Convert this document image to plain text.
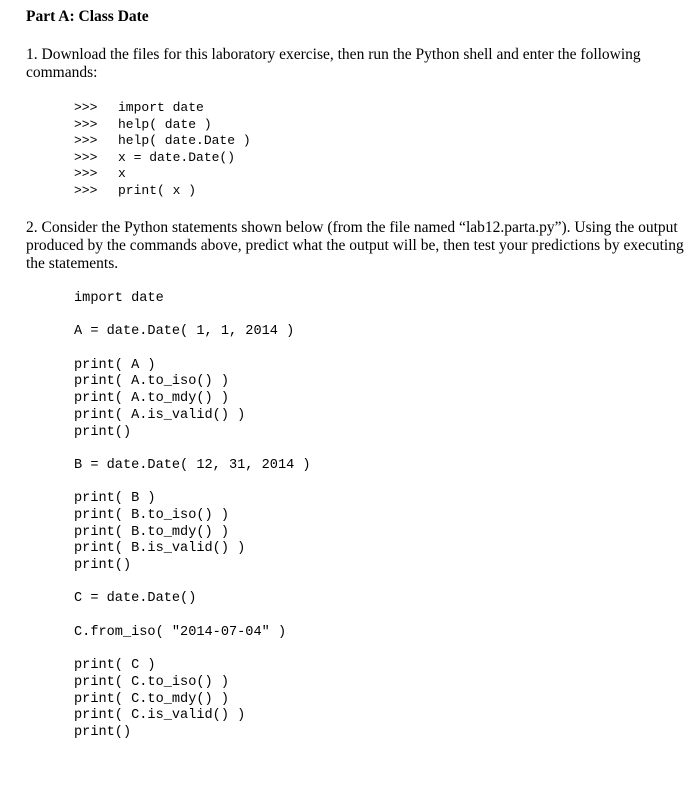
Part A: Class Date
1. Download the files for this laboratory exercise, then run the Python shell and enter the following commands:
>>> import date
>>> help( date )
>>> help( date.Date )
>>> x = date.Date()
>>> x
>>> print( x )
2. Consider the Python statements shown below (from the file named “lab12.parta.py”). Using the output produced by the commands above, predict what the output will be, then test your predictions by executing the statements.
import date
A = date.Date( 1, 1, 2014 )
print( A )
print( A.to_iso() )
print( A.to_mdy() )
print( A.is_valid() )
print()
B = date.Date( 12, 31, 2014 )
print( B )
print( B.to_iso() )
print( B.to_mdy() )
print( B.is_valid() )
print()
C = date.Date()
C.from_iso( "2014-07-04" )
print( C )
print( C.to_iso() )
print( C.to_mdy() )
print( C.is_valid() )
print()
